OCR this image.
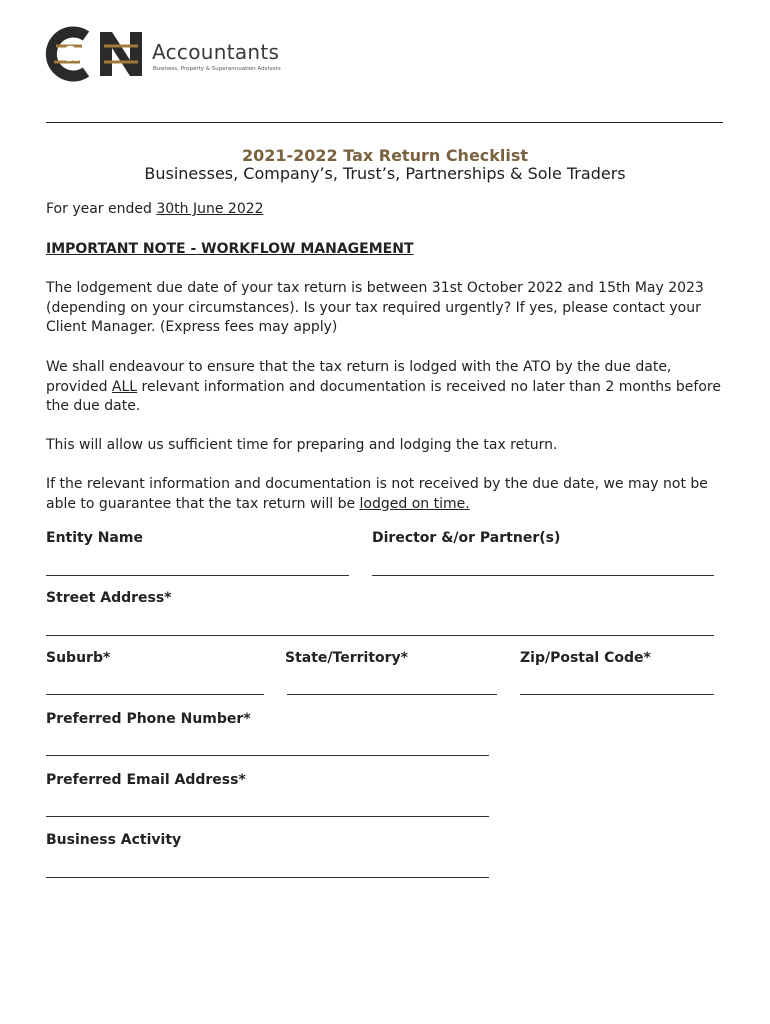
&	Accountants
Business, Property & Superannuation Advisors
2021-2022 Tax Return Checklist
Businesses, Company’s, Trust’s, Partnerships & Sole Traders

For year ended 30th June 2022

IMPORTANT NOTE - WORKFLOW MANAGEMENT

The lodgement due date of your tax return is between 31st October 2022 and 15th May 2023 (depending on your circumstances). Is your tax required urgently? If yes, please contact your Client Manager. (Express fees may apply)

We shall endeavour to ensure that the tax return is lodged with the ATO by the due date, provided ALL relevant information and documentation is received no later than 2 months before the due date.

This will allow us sufficient time for preparing and lodging the tax return.

If the relevant information and documentation is not received by the due date, we may not be able to guarantee that the tax return will be lodged on time.

Entity Name	Director &/or Partner(s)
Street Address*
Suburb*	State/Territory*	Zip/Postal Code*
Preferred Phone Number*
Preferred Email Address*
Business Activity
